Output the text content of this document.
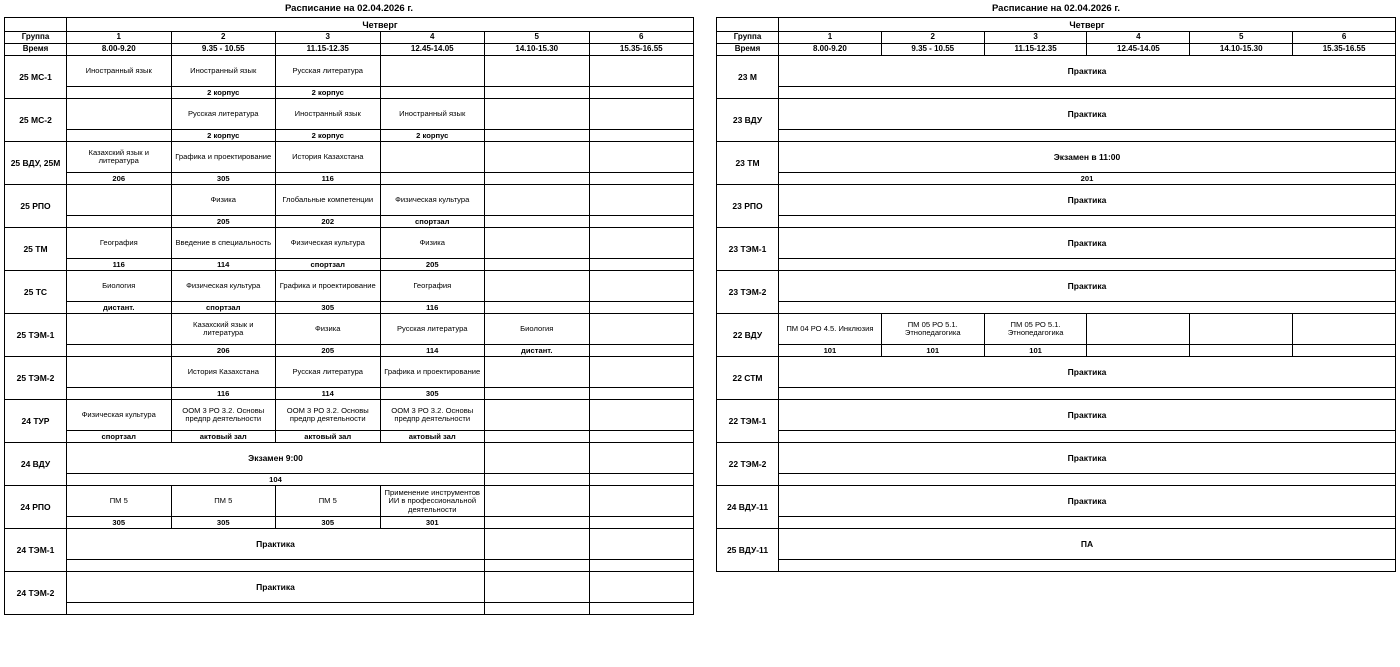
Расписание на 02.04.2026 г.
	Четверг					
Группа	1	2	3	4	5	6
Время	8.00-9.20	9.35 - 10.55	11.15-12.35	12.45-14.05	14.10-15.30	15.35-16.55
25 МС-1	Иностранный язык	Иностранный язык	Русская литература			
		2 корпус	2 корпус			
25 МС-2		Русская литература	Иностранный язык	Иностранный язык		
		2 корпус	2 корпус	2 корпус		
25 ВДУ, 25М	Казахский язык и литература	Графика и проектирование	История Казахстана			
	206	305	116			
25 РПО		Физика	Глобальные компетенции	Физическая культура		
		205	202	спортзал		
25 ТМ	География	Введение в специальность	Физическая культура	Физика		
	116	114	спортзал	205		
25 ТС	Биология	Физическая культура	Графика и проектирование	География		
	дистант.	спортзал	305	116		
25 ТЭМ-1		Казахский язык и литература	Физика	Русская литература	Биология	
		206	205	114	дистант.	
25 ТЭМ-2		История Казахстана	Русская литература	Графика и проектирование		
		116	114	305		
24 ТУР	Физическая культура	ООМ 3 РО 3.2. Основы предпр деятельности	ООМ 3 РО 3.2. Основы предпр деятельности	ООМ 3 РО 3.2. Основы предпр деятельности		
	спортзал	актовый зал	актовый зал	актовый зал		
24 ВДУ	Экзамен 9:00					
	104					
24 РПО	ПМ 5	ПМ 5	ПМ 5	Применение инструментов ИИ в профессиональной деятельности		
	305	305	305	301		
24 ТЭМ-1	Практика					

24 ТЭМ-2	Практика					

Расписание на 02.04.2026 г.
	Четверг					
Группа	1	2	3	4	5	6
Время	8.00-9.20	9.35 - 10.55	11.15-12.35	12.45-14.05	14.10-15.30	15.35-16.55
23 М	Практика					

23 ВДУ	Практика					

23 ТМ	Экзамен в 11:00					
	201					
23 РПО	Практика					

23 ТЭМ-1	Практика					

23 ТЭМ-2	Практика					

22 ВДУ	ПМ 04 РО 4.5. Инклюзия	ПМ 05 РО 5.1. Этнопедагогика	ПМ 05 РО 5.1. Этнопедагогика			
	101	101	101			
22 СТМ	Практика					

22 ТЭМ-1	Практика					

22 ТЭМ-2	Практика					

24 ВДУ-11	Практика					

25 ВДУ-11	ПА					
